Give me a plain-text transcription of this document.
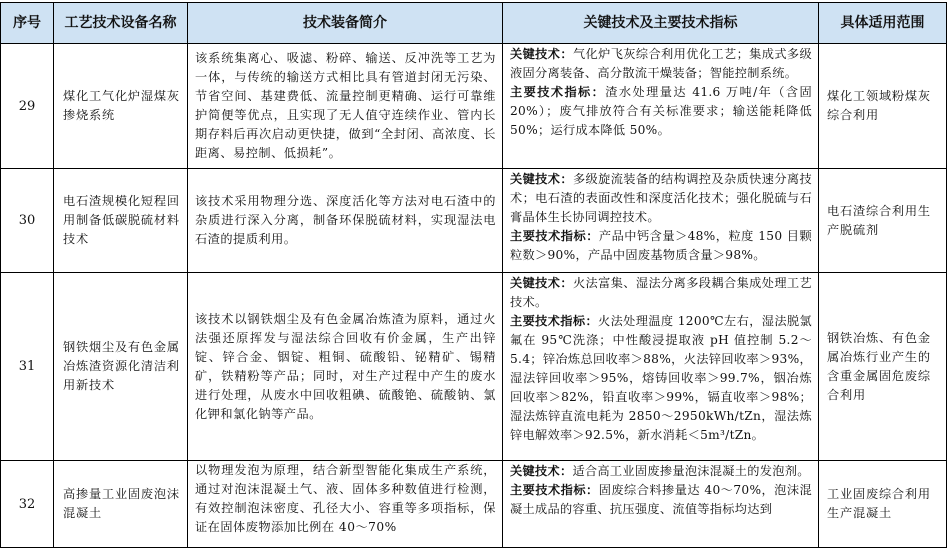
序号	工艺技术设备名称	技术装备简介	关键技术及主要技术指标	具体适用范围
29	煤化工气化炉湿煤灰掺烧系统	该系统集离心、吸滤、粉碎、输送、反冲洗等工艺为一体，与传统的输送方式相比具有管道封闭无污染、节省空间、基建费低、流量控制更精确、运行可靠维护简便等优点，且实现了无人值守连续作业、管内长期存料后再次启动更快捷，做到“全封闭、高浓度、长距离、易控制、低损耗”。	关键技术：气化炉飞灰综合利用优化工艺；集成式多级液固分离装备、高分散流干燥装备；智能控制系统。
主要技术指标：渣水处理量达 41.6 万吨/年（含固20%）；废气排放符合有关标准要求；输送能耗降低 50%；运行成本降低 50%。	煤化工领域粉煤灰综合利用
30	电石渣规模化短程回用制备低碳脱硫材料技术	该技术采用物理分选、深度活化等方法对电石渣中的杂质进行深入分离，制备环保脱硫材料，实现湿法电石渣的提质利用。	关键技术：多级旋流装备的结构调控及杂质快速分离技术；电石渣的表面改性和深度活化技术；强化脱硫与石膏晶体生长协同调控技术。
主要技术指标：产品中钙含量＞48%，粒度 150 目颗粒数＞90%，产品中固废基物质含量＞98%。	电石渣综合利用生产脱硫剂
31	钢铁烟尘及有色金属冶炼渣资源化清洁利用新技术	该技术以钢铁烟尘及有色金属冶炼渣为原料，通过火法强还原挥发与湿法综合回收有价金属，生产出锌锭、锌合金、铟锭、粗铜、硫酸铅、铋精矿、锡精矿，铁精粉等产品；同时，对生产过程中产生的废水进行处理，从废水中回收粗碘、硫酸铯、硫酸钠、氯化钾和氯化钠等产品。	关键技术：火法富集、湿法分离多段耦合集成处理工艺技术。
主要技术指标：火法处理温度 1200℃左右，湿法脱氯氟在 95℃洗涤；中性酸浸提取液 pH 值控制 5.2～5.4；锌冶炼总回收率＞88%，火法锌回收率＞93%，湿法锌回收率＞95%，熔铸回收率＞99.7%，铟冶炼回收率＞82%，铅直收率＞99%，镉直收率＞98%；湿法炼锌直流电耗为 2850～2950kWh/tZn，湿法炼锌电解效率＞92.5%，新水消耗＜5m³/tZn。	钢铁冶炼、有色金属冶炼行业产生的含重金属固危废综合利用
32	高掺量工业固废泡沫混凝土	以物理发泡为原理，结合新型智能化集成生产系统，通过对泡沫混凝土气、液、固体多种数值进行检测，有效控制泡沫密度、孔径大小、容重等多项指标，保证在固体废物添加比例在 40～70%	关键技术：适合高工业固废掺量泡沫混凝土的发泡剂。
主要技术指标：固废综合料掺量达 40～70%，泡沫混凝土成品的容重、抗压强度、流值等指标均达到	工业固废综合利用生产混凝土
